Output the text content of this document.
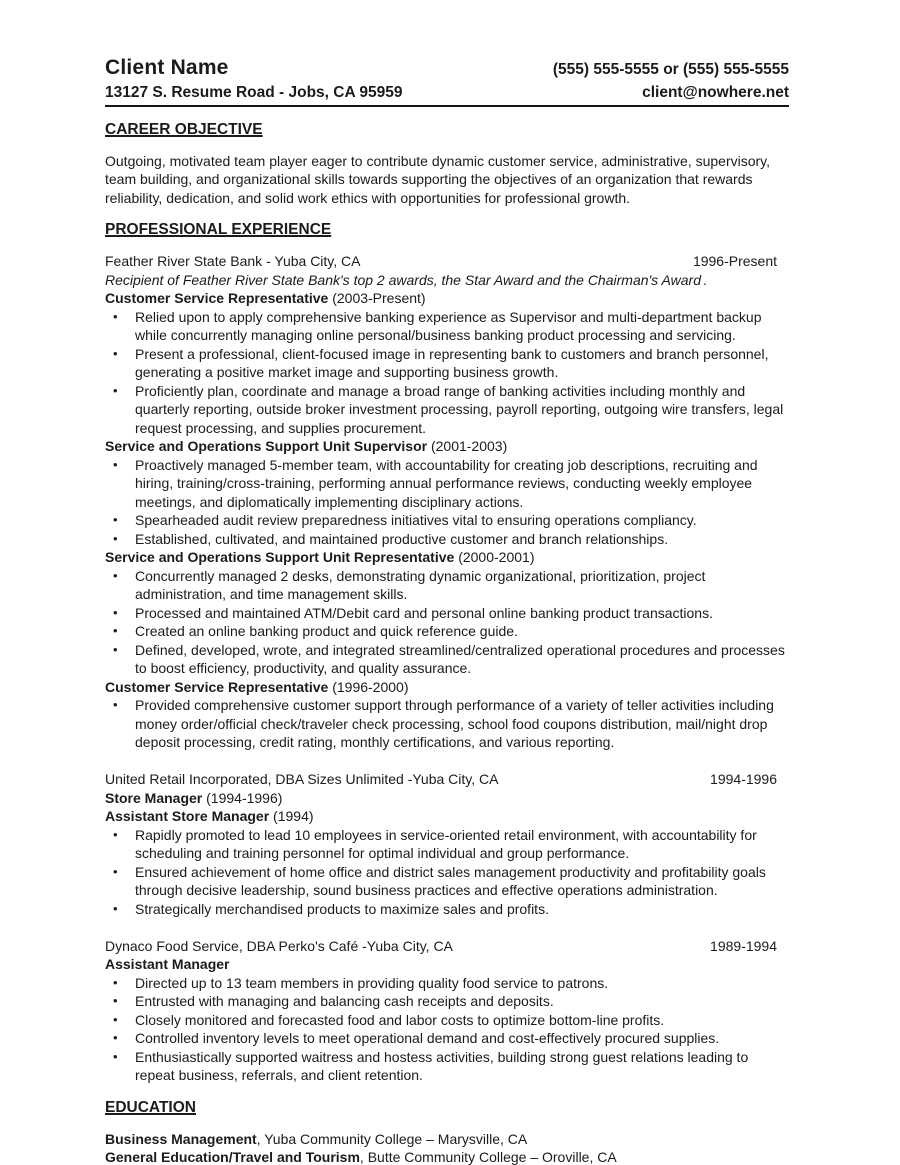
Client Name	(555) 555-5555 or (555) 555-5555
13127 S. Resume Road - Jobs, CA 95959	client@nowhere.net
CAREER OBJECTIVE

Outgoing, motivated team player eager to contribute dynamic customer service, administrative, supervisory, team building, and organizational skills towards supporting the objectives of an organization that rewards reliability, dedication, and solid work ethics with opportunities for professional growth.

PROFESSIONAL EXPERIENCE
Feather River State Bank - Yuba City, CA	1996-Present
Recipient of Feather River State Bank's top 2 awards, the Star Award and the Chairman's Award .
Customer Service Representative (2003-Present)
•	Relied upon to apply comprehensive banking experience as Supervisor and multi-department backup while concurrently managing online personal/business banking product processing and servicing.
•	Present a professional, client-focused image in representing bank to customers and branch personnel, generating a positive market image and supporting business growth.
•	Proficiently plan, coordinate and manage a broad range of banking activities including monthly and quarterly reporting, outside broker investment processing, payroll reporting, outgoing wire transfers, legal request processing, and supplies procurement.
Service and Operations Support Unit Supervisor (2001-2003)
•	Proactively managed 5-member team, with accountability for creating job descriptions, recruiting and hiring, training/cross-training, performing annual performance reviews, conducting weekly employee meetings, and diplomatically implementing disciplinary actions.
•	Spearheaded audit review preparedness initiatives vital to ensuring operations compliancy.
•	Established, cultivated, and maintained productive customer and branch relationships.
Service and Operations Support Unit Representative (2000-2001)
•	Concurrently managed 2 desks, demonstrating dynamic organizational, prioritization, project administration, and time management skills.
•	Processed and maintained ATM/Debit card and personal online banking product transactions.
•	Created an online banking product and quick reference guide.
•	Defined, developed, wrote, and integrated streamlined/centralized operational procedures and processes to boost efficiency, productivity, and quality assurance.
Customer Service Representative (1996-2000)
•	Provided comprehensive customer support through performance of a variety of teller activities including money order/official check/traveler check processing, school food coupons distribution, mail/night drop deposit processing, credit rating, monthly certifications, and various reporting.
United Retail Incorporated, DBA Sizes Unlimited -Yuba City, CA	1994-1996
Store Manager (1994-1996)
Assistant Store Manager (1994)
•	Rapidly promoted to lead 10 employees in service-oriented retail environment, with accountability for scheduling and training personnel for optimal individual and group performance.
•	Ensured achievement of home office and district sales management productivity and profitability goals through decisive leadership, sound business practices and effective operations administration.
•	Strategically merchandised products to maximize sales and profits.
Dynaco Food Service, DBA Perko's Café -Yuba City, CA	1989-1994
Assistant Manager
•	Directed up to 13 team members in providing quality food service to patrons.
•	Entrusted with managing and balancing cash receipts and deposits.
•	Closely monitored and forecasted food and labor costs to optimize bottom-line profits.
•	Controlled inventory levels to meet operational demand and cost-effectively procured supplies.
•	Enthusiastically supported waitress and hostess activities, building strong guest relations leading to repeat business, referrals, and client retention.
EDUCATION
Business Management, Yuba Community College – Marysville, CA
General Education/Travel and Tourism, Butte Community College – Oroville, CA
